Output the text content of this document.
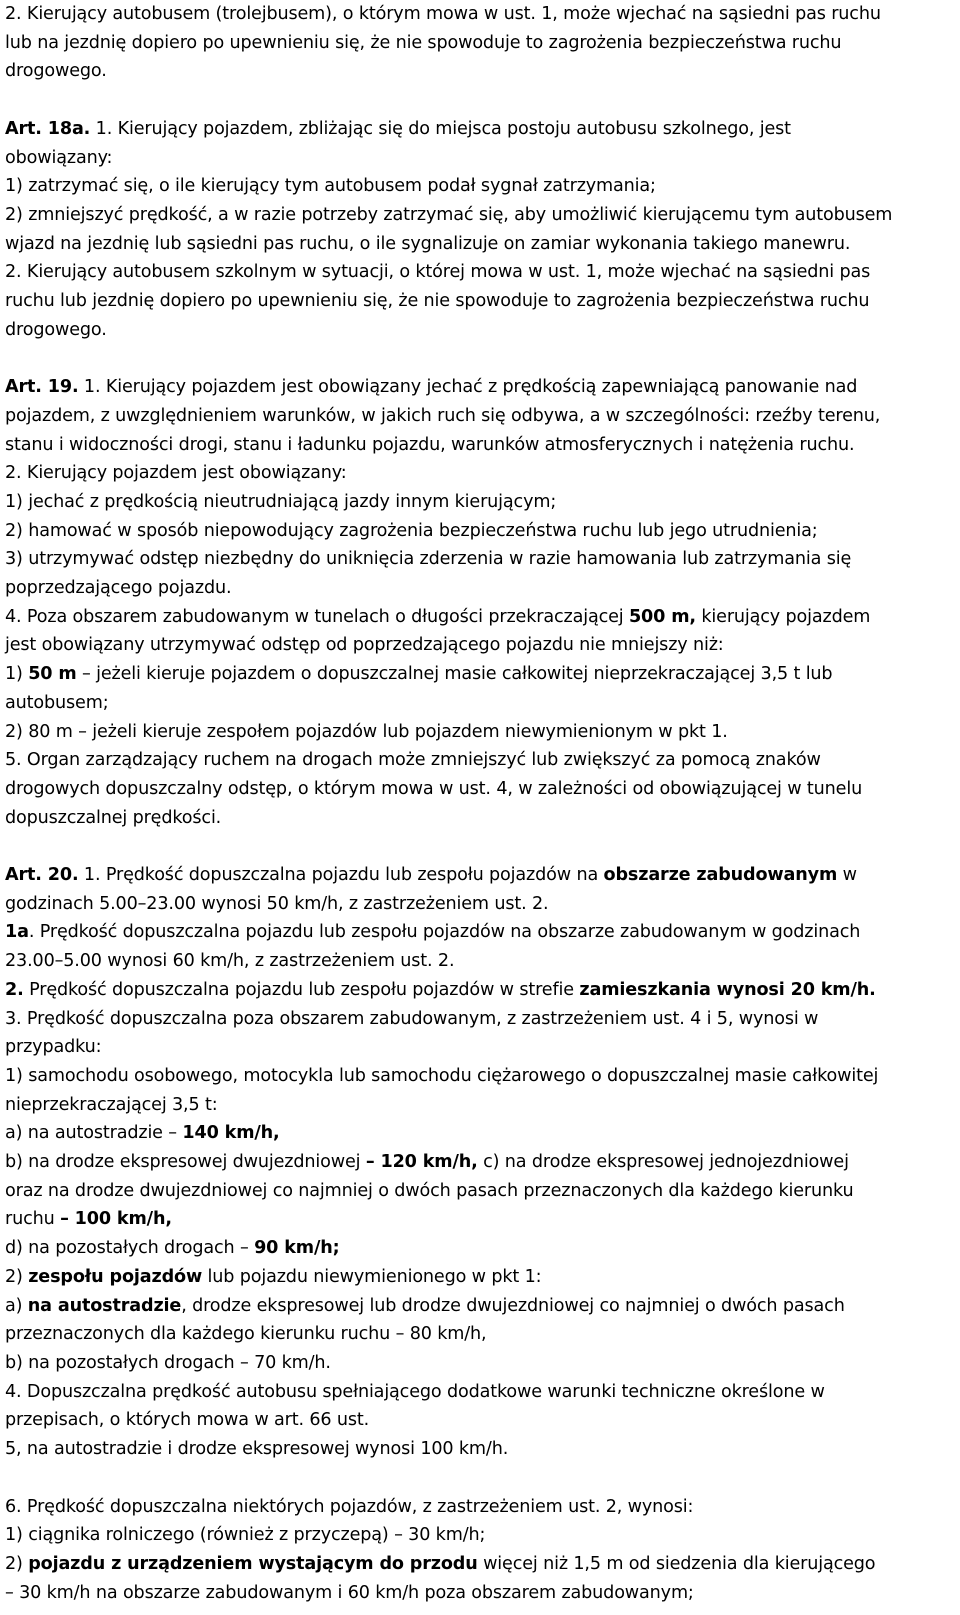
2. Kierujący autobusem (trolejbusem), o którym mowa w ust. 1, może wjechać na sąsiedni pas ruchu
lub na jezdnię dopiero po upewnieniu się, że nie spowoduje to zagrożenia bezpieczeństwa ruchu
drogowego.
Art. 18a. 1. Kierujący pojazdem, zbliżając się do miejsca postoju autobusu szkolnego, jest
obowiązany:
1) zatrzymać się, o ile kierujący tym autobusem podał sygnał zatrzymania;
2) zmniejszyć prędkość, a w razie potrzeby zatrzymać się, aby umożliwić kierującemu tym autobusem
wjazd na jezdnię lub sąsiedni pas ruchu, o ile sygnalizuje on zamiar wykonania takiego manewru.
2. Kierujący autobusem szkolnym w sytuacji, o której mowa w ust. 1, może wjechać na sąsiedni pas
ruchu lub jezdnię dopiero po upewnieniu się, że nie spowoduje to zagrożenia bezpieczeństwa ruchu
drogowego.
Art. 19. 1. Kierujący pojazdem jest obowiązany jechać z prędkością zapewniającą panowanie nad
pojazdem, z uwzględnieniem warunków, w jakich ruch się odbywa, a w szczególności: rzeźby terenu,
stanu i widoczności drogi, stanu i ładunku pojazdu, warunków atmosferycznych i natężenia ruchu.
2. Kierujący pojazdem jest obowiązany:
1) jechać z prędkością nieutrudniającą jazdy innym kierującym;
2) hamować w sposób niepowodujący zagrożenia bezpieczeństwa ruchu lub jego utrudnienia;
3) utrzymywać odstęp niezbędny do uniknięcia zderzenia w razie hamowania lub zatrzymania się
poprzedzającego pojazdu.
4. Poza obszarem zabudowanym w tunelach o długości przekraczającej 500 m, kierujący pojazdem
jest obowiązany utrzymywać odstęp od poprzedzającego pojazdu nie mniejszy niż:
1) 50 m – jeżeli kieruje pojazdem o dopuszczalnej masie całkowitej nieprzekraczającej 3,5 t lub
autobusem;
2) 80 m – jeżeli kieruje zespołem pojazdów lub pojazdem niewymienionym w pkt 1.
5. Organ zarządzający ruchem na drogach może zmniejszyć lub zwiększyć za pomocą znaków
drogowych dopuszczalny odstęp, o którym mowa w ust. 4, w zależności od obowiązującej w tunelu
dopuszczalnej prędkości.
Art. 20. 1. Prędkość dopuszczalna pojazdu lub zespołu pojazdów na obszarze zabudowanym w
godzinach 5.00–23.00 wynosi 50 km/h, z zastrzeżeniem ust. 2.
1a. Prędkość dopuszczalna pojazdu lub zespołu pojazdów na obszarze zabudowanym w godzinach
23.00–5.00 wynosi 60 km/h, z zastrzeżeniem ust. 2.
2. Prędkość dopuszczalna pojazdu lub zespołu pojazdów w strefie zamieszkania wynosi 20 km/h.
3. Prędkość dopuszczalna poza obszarem zabudowanym, z zastrzeżeniem ust. 4 i 5, wynosi w
przypadku:
1) samochodu osobowego, motocykla lub samochodu ciężarowego o dopuszczalnej masie całkowitej
nieprzekraczającej 3,5 t:
a) na autostradzie – 140 km/h,
b) na drodze ekspresowej dwujezdniowej – 120 km/h, c) na drodze ekspresowej jednojezdniowej
oraz na drodze dwujezdniowej co najmniej o dwóch pasach przeznaczonych dla każdego kierunku
ruchu – 100 km/h,
d) na pozostałych drogach – 90 km/h;
2) zespołu pojazdów lub pojazdu niewymienionego w pkt 1:
a) na autostradzie, drodze ekspresowej lub drodze dwujezdniowej co najmniej o dwóch pasach
przeznaczonych dla każdego kierunku ruchu – 80 km/h,
b) na pozostałych drogach – 70 km/h.
4. Dopuszczalna prędkość autobusu spełniającego dodatkowe warunki techniczne określone w
przepisach, o których mowa w art. 66 ust.
5, na autostradzie i drodze ekspresowej wynosi 100 km/h.
6. Prędkość dopuszczalna niektórych pojazdów, z zastrzeżeniem ust. 2, wynosi:
1) ciągnika rolniczego (również z przyczepą) – 30 km/h;
2) pojazdu z urządzeniem wystającym do przodu więcej niż 1,5 m od siedzenia dla kierującego
– 30 km/h na obszarze zabudowanym i 60 km/h poza obszarem zabudowanym;
